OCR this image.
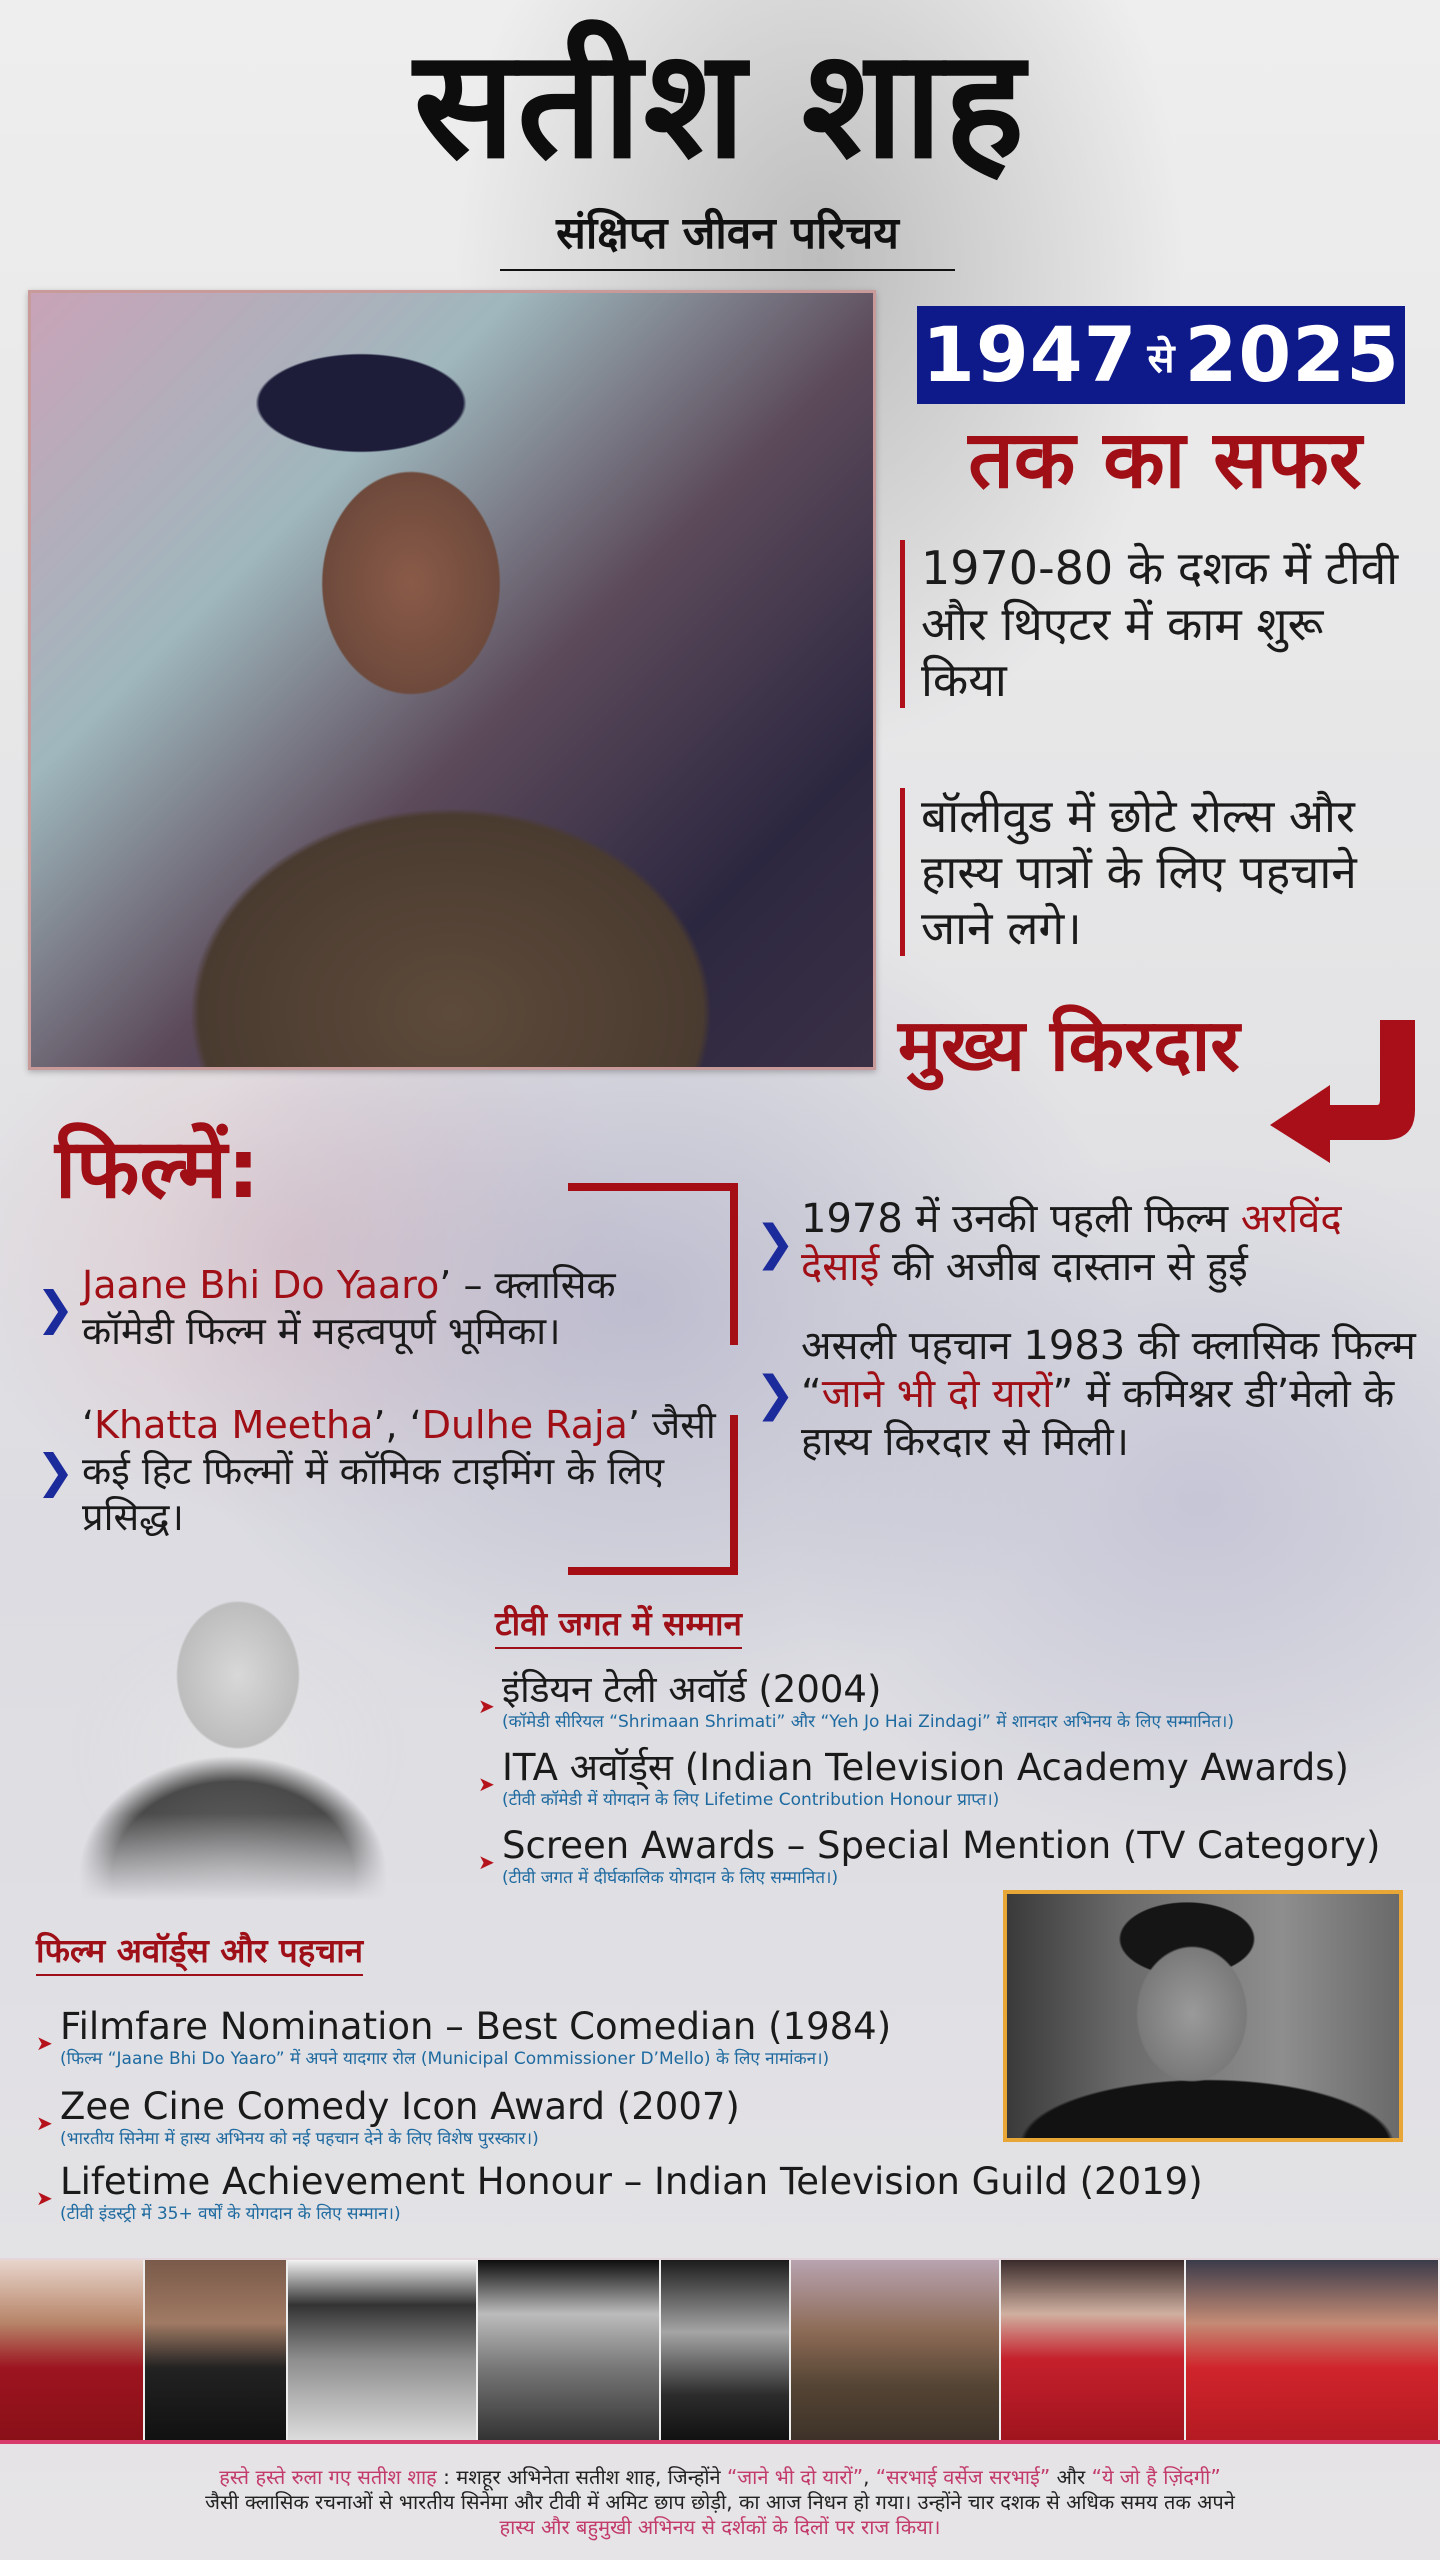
सतीश शाह
संक्षिप्त जीवन परिचय
1947 से 2025
तक का सफर
1970-80 के दशक में टीवी और थिएटर में काम शुरू किया
बॉलीवुड में छोटे रोल्स और हास्य पात्रों के लिए पहचाने जाने लगे।
मुख्य किरदार
फिल्में:
❯ Jaane Bhi Do Yaaro’ – क्लासिक कॉमेडी फिल्म में महत्वपूर्ण भूमिका।
❯
‘Khatta Meetha’, ‘Dulhe Raja’ जैसी कई हिट फिल्मों में कॉमिक टाइमिंग के लिए प्रसिद्ध।
❯ 1978 में उनकी पहली फिल्म अरविंद देसाई की अजीब दास्तान से हुई
❯
असली पहचान 1983 की क्लासिक फिल्म “जाने भी दो यारों” में कमिश्नर डी’मेलो के हास्य किरदार से मिली।
टीवी जगत में सम्मान
➤ इंडियन टेली अवॉर्ड (2004)
(कॉमेडी सीरियल “Shrimaan Shrimati” और “Yeh Jo Hai Zindagi” में शानदार अभिनय के लिए सम्मानित।)
➤ ITA अवॉर्ड्स (Indian Television Academy Awards)
(टीवी कॉमेडी में योगदान के लिए Lifetime Contribution Honour प्राप्त।)
➤ Screen Awards – Special Mention (TV Category)
(टीवी जगत में दीर्घकालिक योगदान के लिए सम्मानित।)
फिल्म अवॉर्ड्स और पहचान
➤ Filmfare Nomination – Best Comedian (1984)
(फिल्म “Jaane Bhi Do Yaaro” में अपने यादगार रोल (Municipal Commissioner D’Mello) के लिए नामांकन।)
➤ Zee Cine Comedy Icon Award (2007)
(भारतीय सिनेमा में हास्य अभिनय को नई पहचान देने के लिए विशेष पुरस्कार।)
➤ Lifetime Achievement Honour – Indian Television Guild (2019)
(टीवी इंडस्ट्री में 35+ वर्षों के योगदान के लिए सम्मान।)
हस्ते हस्ते रुला गए सतीश शाह : मशहूर अभिनेता सतीश शाह, जिन्होंने “जाने भी दो यारों”, “सरभाई वर्सेज सरभाई” और “ये जो है ज़िंदगी”
जैसी क्लासिक रचनाओं से भारतीय सिनेमा और टीवी में अमिट छाप छोड़ी, का आज निधन हो गया। उन्होंने चार दशक से अधिक समय तक अपने
हास्य और बहुमुखी अभिनय से दर्शकों के दिलों पर राज किया।
